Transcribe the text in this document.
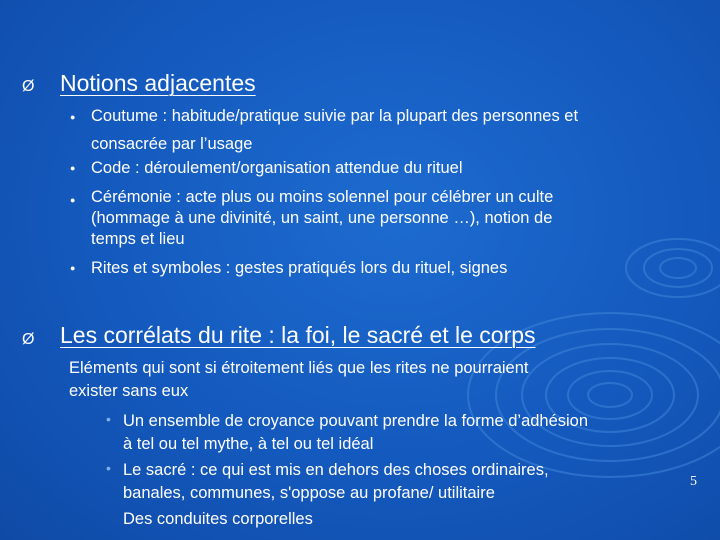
Ø Notions adjacentes
● Coutume : habitude/pratique suivie par la plupart des personnes et
consacrée par l’usage
● Code : déroulement/organisation attendue du rituel
● Cérémonie : acte plus ou moins solennel pour célébrer un culte
(hommage à une divinité, un saint, une personne …), notion de
temps et lieu
● Rites et symboles : gestes pratiqués lors du rituel, signes
Ø Les corrélats du rite : la foi, le sacré et le corps
Eléments qui sont si étroitement liés que les rites ne pourraient
exister sans eux
• Un ensemble de croyance pouvant prendre la forme d’adhésion
à tel ou tel mythe, à tel ou tel idéal
• Le sacré : ce qui est mis en dehors des choses ordinaires,
banales, communes, s'oppose au profane/ utilitaire
Des conduites corporelles
5
